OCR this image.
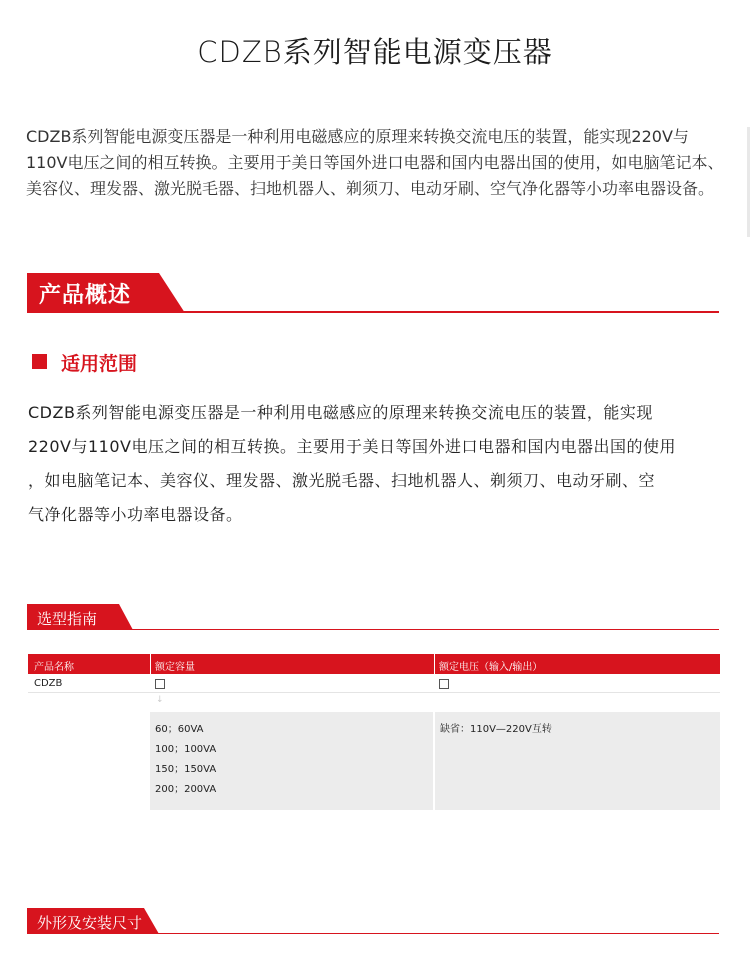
CDZB系列智能电源变压器
CDZB系列智能电源变压器是一种利用电磁感应的原理来转换交流电压的装置，能实现220V与110V电压之间的相互转换。主要用于美日等国外进口电器和国内电器出国的使用，如电脑笔记本、美容仪、理发器、激光脱毛器、扫地机器人、剃须刀、电动牙刷、空气净化器等小功率电器设备。
产品概述
适用范围
CDZB系列智能电源变压器是一种利用电磁感应的原理来转换交流电压的装置，能实现
220V与110V电压之间的相互转换。主要用于美日等国外进口电器和国内电器出国的使用
，如电脑笔记本、美容仪、理发器、激光脱毛器、扫地机器人、剃须刀、电动牙刷、空
气净化器等小功率电器设备。
选型指南
产品名称	额定容量	额定电压（输入/输出）
CDZB
↓
60；60VA
100；100VA
150；150VA
200；200VA
缺省：110V—220V互转
外形及安装尺寸
